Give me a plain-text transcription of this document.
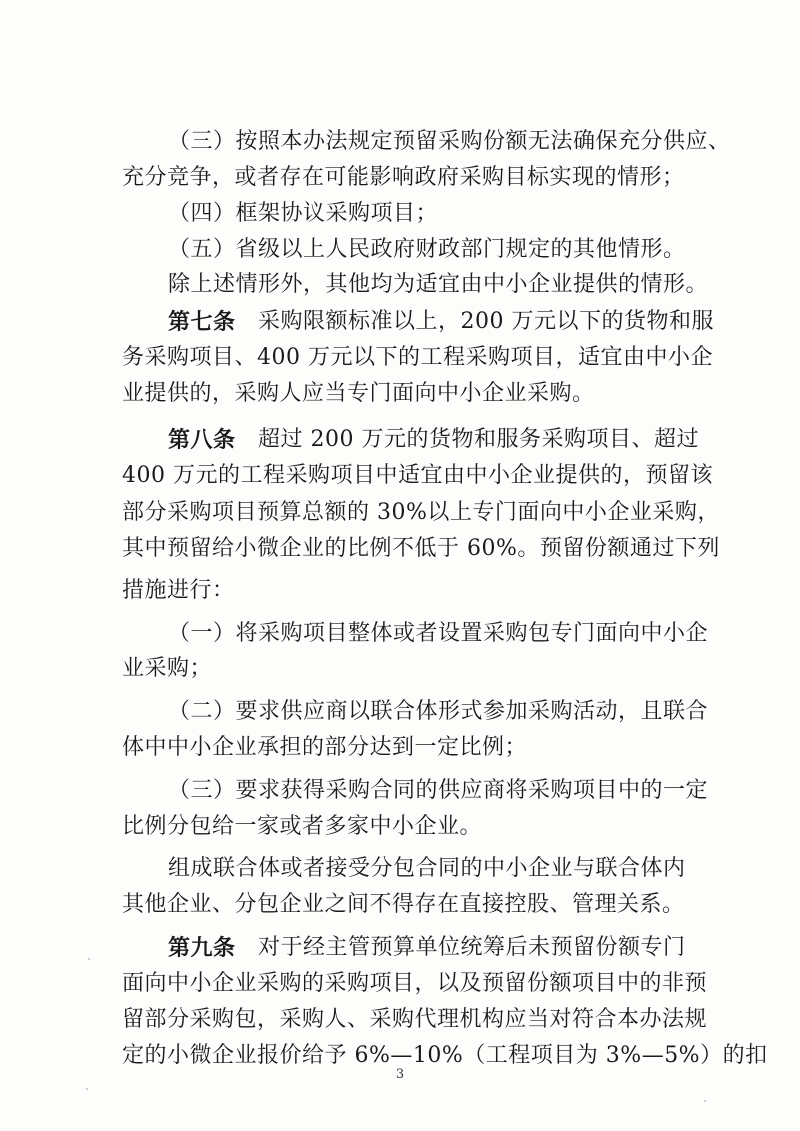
（三）按照本办法规定预留采购份额无法确保充分供应、
充分竞争，或者存在可能影响政府采购目标实现的情形；
（四）框架协议采购项目；
（五）省级以上人民政府财政部门规定的其他情形。
除上述情形外，其他均为适宜由中小企业提供的情形。
第七条 采购限额标准以上，200 万元以下的货物和服
务采购项目、400 万元以下的工程采购项目，适宜由中小企
业提供的，采购人应当专门面向中小企业采购。
第八条 超过 200 万元的货物和服务采购项目、超过
400 万元的工程采购项目中适宜由中小企业提供的，预留该
部分采购项目预算总额的 30%以上专门面向中小企业采购，
其中预留给小微企业的比例不低于 60%。预留份额通过下列
措施进行：
（一）将采购项目整体或者设置采购包专门面向中小企
业采购；
（二）要求供应商以联合体形式参加采购活动，且联合
体中中小企业承担的部分达到一定比例；
（三）要求获得采购合同的供应商将采购项目中的一定
比例分包给一家或者多家中小企业。
组成联合体或者接受分包合同的中小企业与联合体内
其他企业、分包企业之间不得存在直接控股、管理关系。
第九条 对于经主管预算单位统筹后未预留份额专门
面向中小企业采购的采购项目，以及预留份额项目中的非预
留部分采购包，采购人、采购代理机构应当对符合本办法规
定的小微企业报价给予 6%—10%（工程项目为 3%—5%）的扣
3
